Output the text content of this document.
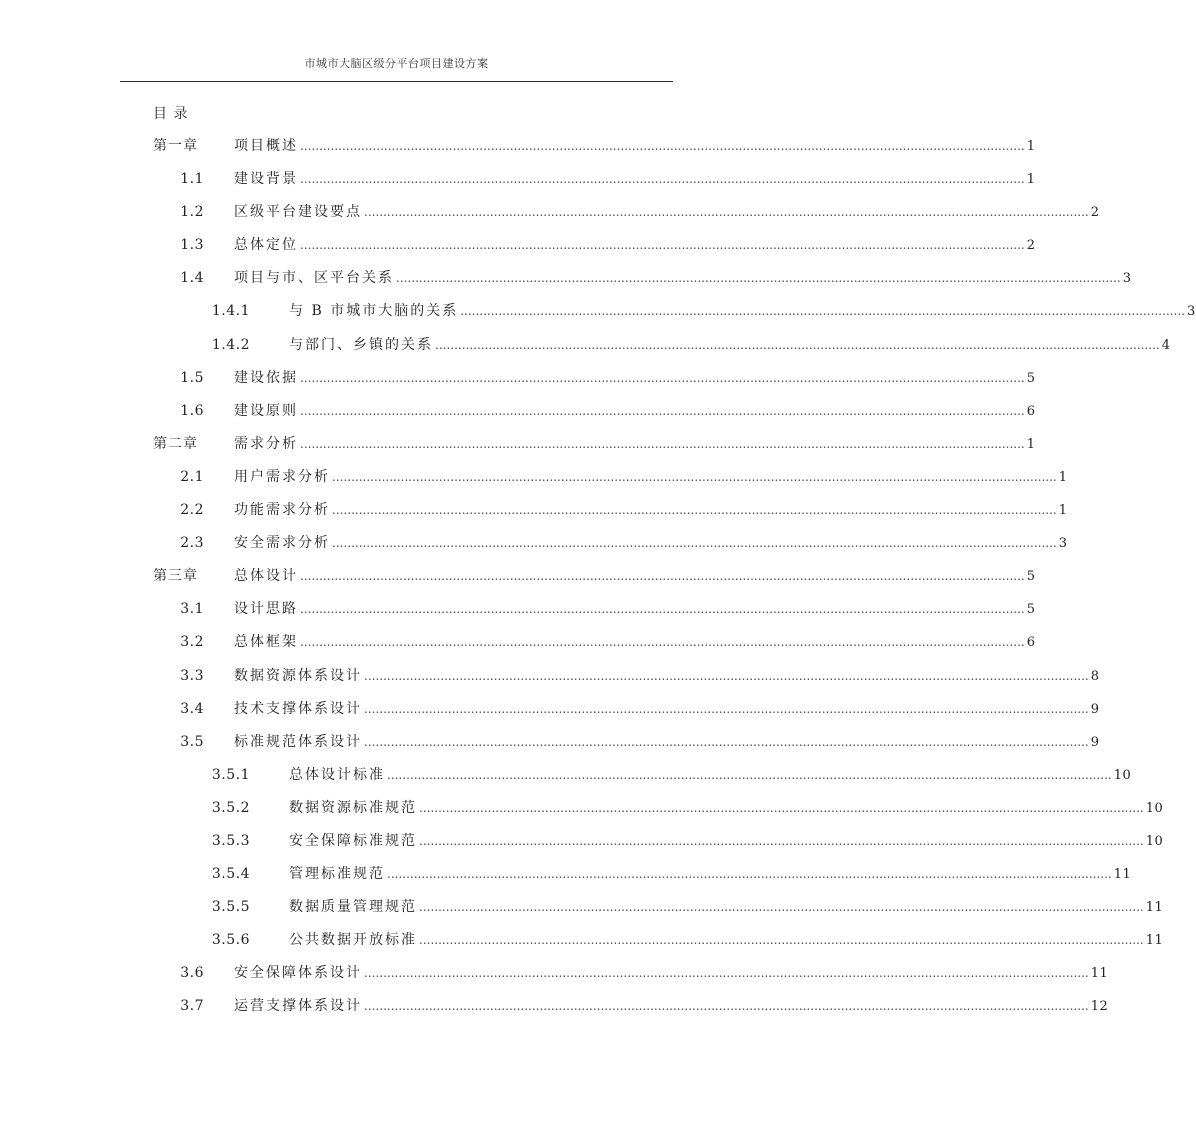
市城市大脑区级分平台项目建设方案
目 录
第一章	项目概述 .............................................................................................................................................................................................. 1
1.1 建设背景 .............................................................................................................................................................................................. 1
1.2 区级平台建设要点 .............................................................................................................................................................................................. 2
1.3 总体定位 .............................................................................................................................................................................................. 2
1.4 项目与市、区平台关系 .............................................................................................................................................................................................. 3
1.4.1	与 B 市城市大脑的关系 .............................................................................................................................................................................................. 3
1.4.2	与部门、乡镇的关系 .............................................................................................................................................................................................. 4
1.5 建设依据 .............................................................................................................................................................................................. 5
1.6 建设原则 .............................................................................................................................................................................................. 6
第二章	需求分析 .............................................................................................................................................................................................. 1
2.1 用户需求分析 .............................................................................................................................................................................................. 1
2.2 功能需求分析 .............................................................................................................................................................................................. 1
2.3 安全需求分析 .............................................................................................................................................................................................. 3
第三章	总体设计 .............................................................................................................................................................................................. 5
3.1 设计思路 .............................................................................................................................................................................................. 5
3.2 总体框架 .............................................................................................................................................................................................. 6
3.3 数据资源体系设计 .............................................................................................................................................................................................. 8
3.4 技术支撑体系设计 .............................................................................................................................................................................................. 9
3.5 标准规范体系设计 .............................................................................................................................................................................................. 9
3.5.1	总体设计标准 .............................................................................................................................................................................................. 10
3.5.2	数据资源标准规范 .............................................................................................................................................................................................. 10
3.5.3	安全保障标准规范 .............................................................................................................................................................................................. 10
3.5.4	管理标准规范 .............................................................................................................................................................................................. 11
3.5.5	数据质量管理规范 .............................................................................................................................................................................................. 11
3.5.6	公共数据开放标准 .............................................................................................................................................................................................. 11
3.6 安全保障体系设计 .............................................................................................................................................................................................. 11
3.7 运营支撑体系设计 .............................................................................................................................................................................................. 12
